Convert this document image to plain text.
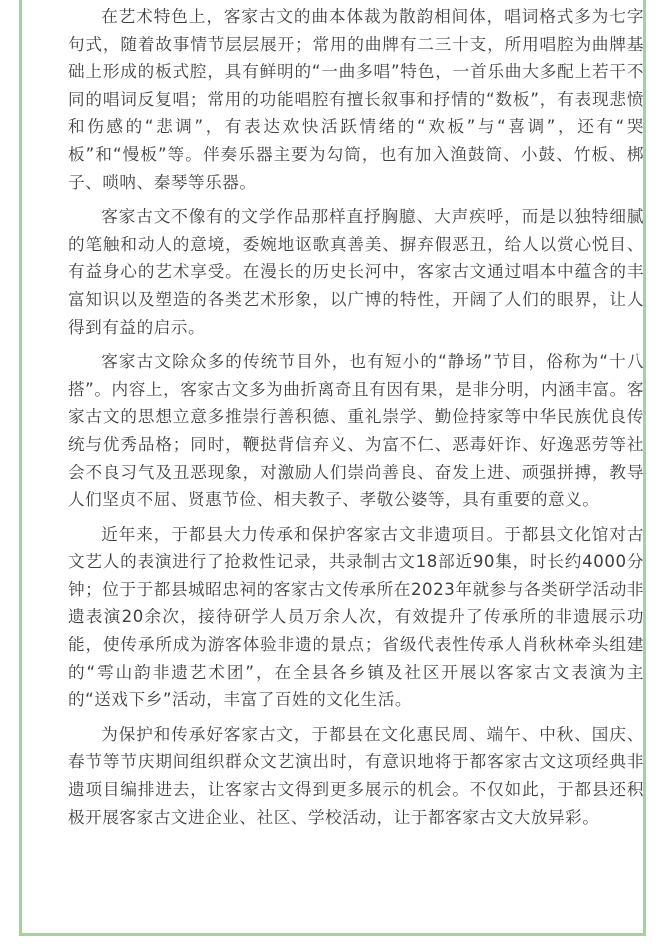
在艺术特色上，客家古文的曲本体裁为散韵相间体，唱词格式多为七字句式，随着故事情节层层展开；常用的曲牌有二三十支，所用唱腔为曲牌基础上形成的板式腔，具有鲜明的“一曲多唱”特色，一首乐曲大多配上若干不同的唱词反复唱；常用的功能唱腔有擅长叙事和抒情的“数板”，有表现悲愤和伤感的“悲调”，有表达欢快活跃情绪的“欢板”与“喜调”，还有“哭板”和“慢板”等。伴奏乐器主要为勾筒，也有加入渔鼓筒、小鼓、竹板、梆子、唢呐、秦琴等乐器。

客家古文不像有的文学作品那样直抒胸臆、大声疾呼，而是以独特细腻的笔触和动人的意境，委婉地讴歌真善美、摒弃假恶丑，给人以赏心悦目、有益身心的艺术享受。在漫长的历史长河中，客家古文通过唱本中蕴含的丰富知识以及塑造的各类艺术形象，以广博的特性，开阔了人们的眼界，让人得到有益的启示。

客家古文除众多的传统节目外，也有短小的“静场”节目，俗称为“十八搭”。内容上，客家古文多为曲折离奇且有因有果，是非分明，内涵丰富。客家古文的思想立意多推崇行善积德、重礼崇学、勤俭持家等中华民族优良传统与优秀品格；同时，鞭挞背信弃义、为富不仁、恶毒奸诈、好逸恶劳等社会不良习气及丑恶现象，对激励人们崇尚善良、奋发上进、顽强拼搏，教导人们坚贞不屈、贤惠节俭、相夫教子、孝敬公婆等，具有重要的意义。

近年来，于都县大力传承和保护客家古文非遗项目。于都县文化馆对古文艺人的表演进行了抢救性记录，共录制古文18部近90集，时长约4000分钟；位于于都县城昭忠祠的客家古文传承所在2023年就参与各类研学活动非遗表演20余次，接待研学人员万余人次，有效提升了传承所的非遗展示功能，使传承所成为游客体验非遗的景点；省级代表性传承人肖秋林牵头组建的“雩山韵非遗艺术团”，在全县各乡镇及社区开展以客家古文表演为主的“送戏下乡”活动，丰富了百姓的文化生活。

为保护和传承好客家古文，于都县在文化惠民周、端午、中秋、国庆、春节等节庆期间组织群众文艺演出时，有意识地将于都客家古文这项经典非遗项目编排进去，让客家古文得到更多展示的机会。不仅如此，于都县还积极开展客家古文进企业、社区、学校活动，让于都客家古文大放异彩。
